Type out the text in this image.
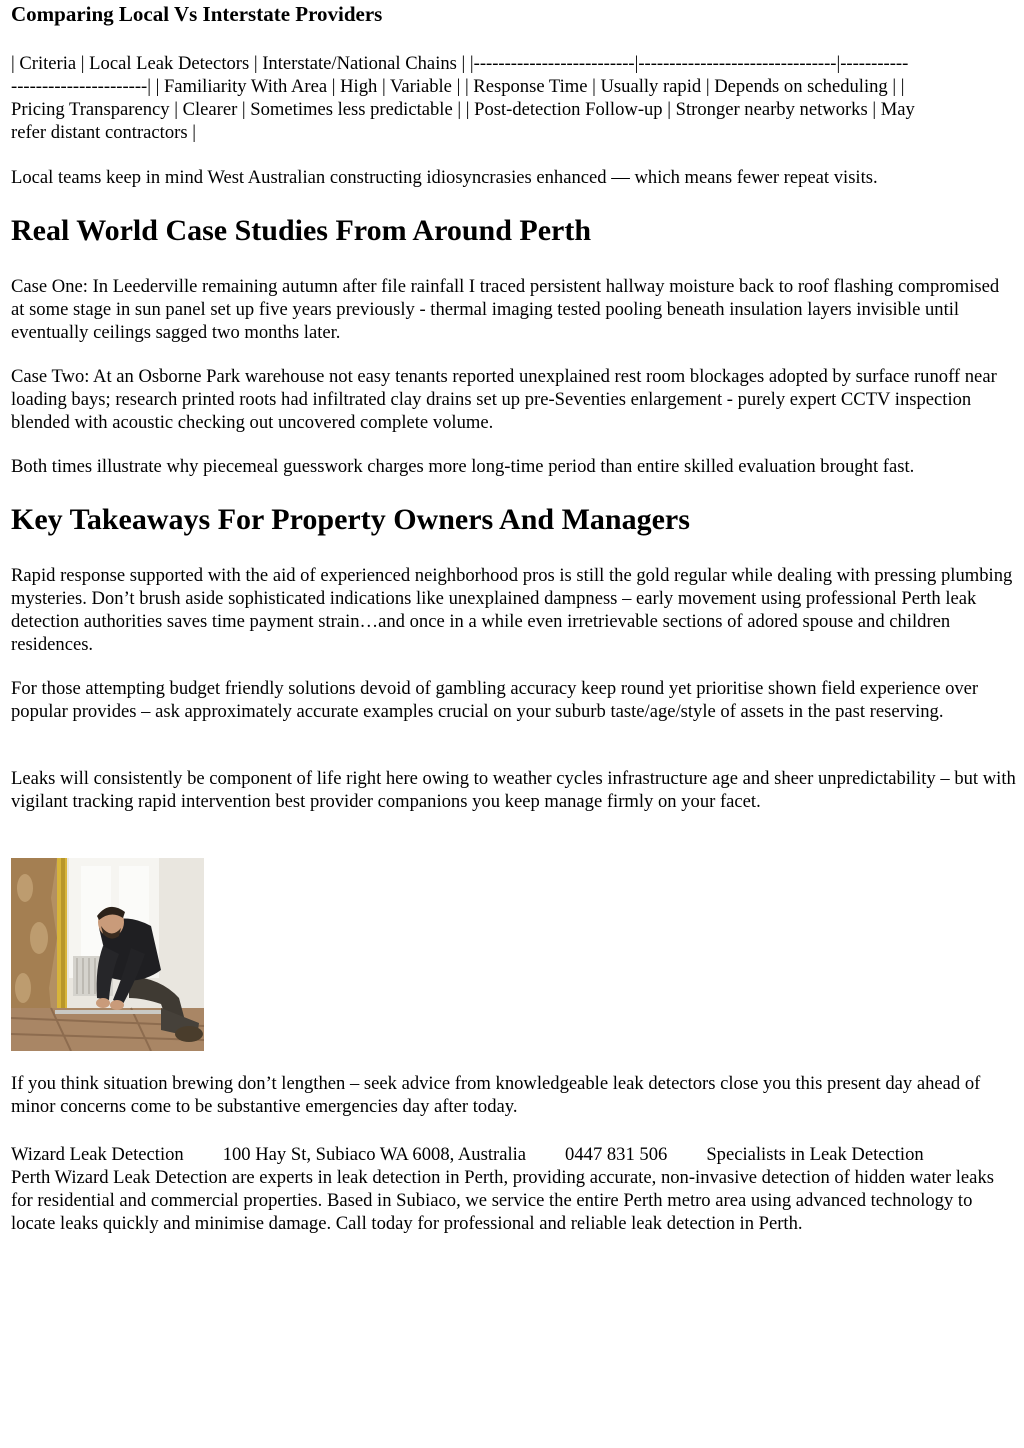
Comparing Local Vs Interstate Providers

| Criteria | Local Leak Detectors | Interstate/National Chains | |--------------------------|--------------------------------|-----------

----------------------| | Familiarity With Area | High | Variable | | Response Time | Usually rapid | Depends on scheduling | |

Pricing Transparency | Clearer | Sometimes less predictable | | Post-detection Follow-up | Stronger nearby networks | May

refer distant contractors |

Local teams keep in mind West Australian constructing idiosyncrasies enhanced — which means fewer repeat visits.

Real World Case Studies From Around Perth

Case One: In Leederville remaining autumn after file rainfall I traced persistent hallway moisture back to roof flashing compromised at some stage in sun panel set up five years previously - thermal imaging tested pooling beneath insulation layers invisible until eventually ceilings sagged two months later.

Case Two: At an Osborne Park warehouse not easy tenants reported unexplained rest room blockages adopted by surface runoff near loading bays; research printed roots had infiltrated clay drains set up pre-Seventies enlargement - purely expert CCTV inspection blended with acoustic checking out uncovered complete volume.

Both times illustrate why piecemeal guesswork charges more long-time period than entire skilled evaluation brought fast.

Key Takeaways For Property Owners And Managers

Rapid response supported with the aid of experienced neighborhood pros is still the gold regular while dealing with pressing plumbing mysteries. Don’t brush aside sophisticated indications like unexplained dampness – early movement using professional Perth leak detection authorities saves time payment strain…and once in a while even irretrievable sections of adored spouse and children residences.

For those attempting budget friendly solutions devoid of gambling accuracy keep round yet prioritise shown field experience over popular provides – ask approximately accurate examples crucial on your suburb taste/age/style of assets in the past reserving.

Leaks will consistently be component of life right here owing to weather cycles infrastructure age and sheer unpredictability – but with vigilant tracking rapid intervention best provider companions you keep manage firmly on your facet.

If you think situation brewing don’t lengthen – seek advice from knowledgeable leak detectors close you this present day ahead of minor concerns come to be substantive emergencies day after today.

Wizard Leak Detection 100 Hay St, Subiaco WA 6008, Australia 0447 831 506 Specialists in Leak Detection

Perth Wizard Leak Detection are experts in leak detection in Perth, providing accurate, non-invasive detection of hidden water leaks for residential and commercial properties. Based in Subiaco, we service the entire Perth metro area using advanced technology to locate leaks quickly and minimise damage. Call today for professional and reliable leak detection in Perth.
